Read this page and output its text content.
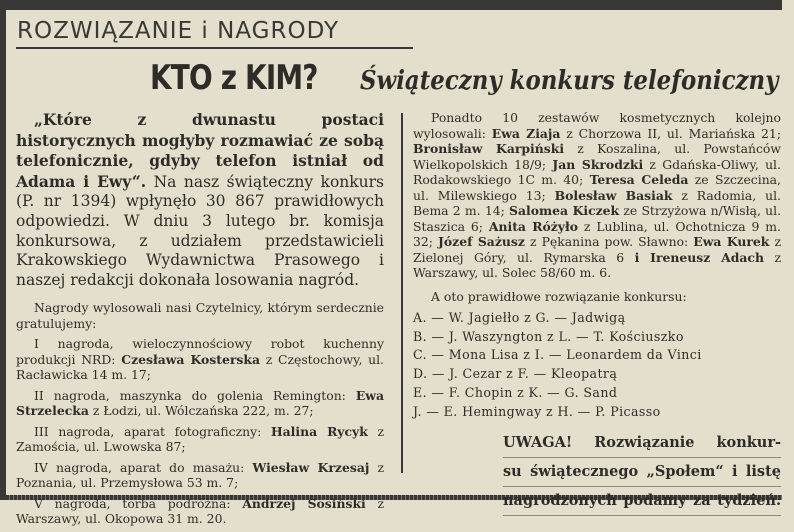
ROZWIĄZANIE i NAGRODY
KTO z KIM? Świąteczny konkurs telefoniczny

„Które z dwunastu postaci historycznych mogłyby rozmawiać ze sobą telefonicznie, gdyby telefon istniał od Adama i Ewy“. Na nasz świąteczny konkurs (P. nr 1394) wpłynęło 30 867 prawidłowych odpowiedzi. W dniu 3 lutego br. komisja konkursowa, z udziałem przedstawicieli Krakowskiego Wydawnictwa Prasowego i naszej redakcji dokonała losowania nagród.

Nagrody wylosowali nasi Czytelnicy, którym serdecznie gratulujemy:

I nagroda, wieloczynnościowy robot kuchenny produkcji NRD: Czesława Kosterska z Częstochowy, ul. Racławicka 14 m. 17;

II nagroda, maszynka do golenia Remington: Ewa Strzelecka z Łodzi, ul. Wólczańska 222, m. 27;

III nagroda, aparat fotograficzny: Halina Rycyk z Zamościa, ul. Lwowska 87;

IV nagroda, aparat do masażu: Wiesław Krzesaj z Poznania, ul. Przemysłowa 53 m. 7;

V nagroda, torba podróżna: Andrzej Sosiński z Warszawy, ul. Okopowa 31 m. 20.

Ponadto 10 zestawów kosmetycznych kolejno wylosowali: Ewa Ziaja z Chorzowa II, ul. Mariańska 21; Bronisław Karpiński z Koszalina, ul. Powstańców Wielkopolskich 18/9; Jan Skrodzki z Gdańska-Oliwy, ul. Rodakowskiego 1C m. 40; Teresa Celeda ze Szczecina, ul. Milewskiego 13; Bolesław Basiak z Radomia, ul. Bema 2 m. 14; Salomea Kiczek ze Strzyżowa n/Wisłą, ul. Staszica 6; Anita Różyło z Lublina, ul. Ochotnicza 9 m. 32; Józef Sażusz z Pękanina pow. Sławno: Ewa Kurek z Zielonej Góry, ul. Rymarska 6 i Ireneusz Adach z Warszawy, ul. Solec 58/60 m. 6.

A oto prawidłowe rozwiązanie konkursu:

A. — W. Jagiełło z G. — Jadwigą
B. — J. Waszyngton z L. — T. Kościuszko
C. — Mona Lisa z I. — Leonardem da Vinci
D. — J. Cezar z F. — Kleopatrą
E. — F. Chopin z K. — G. Sand
J. — E. Hemingway z H. — P. Picasso
UWAGA! Rozwiązanie konkur-
su świątecznego „Społem“ i listę
nagrodzonych podamy za tydzień.
